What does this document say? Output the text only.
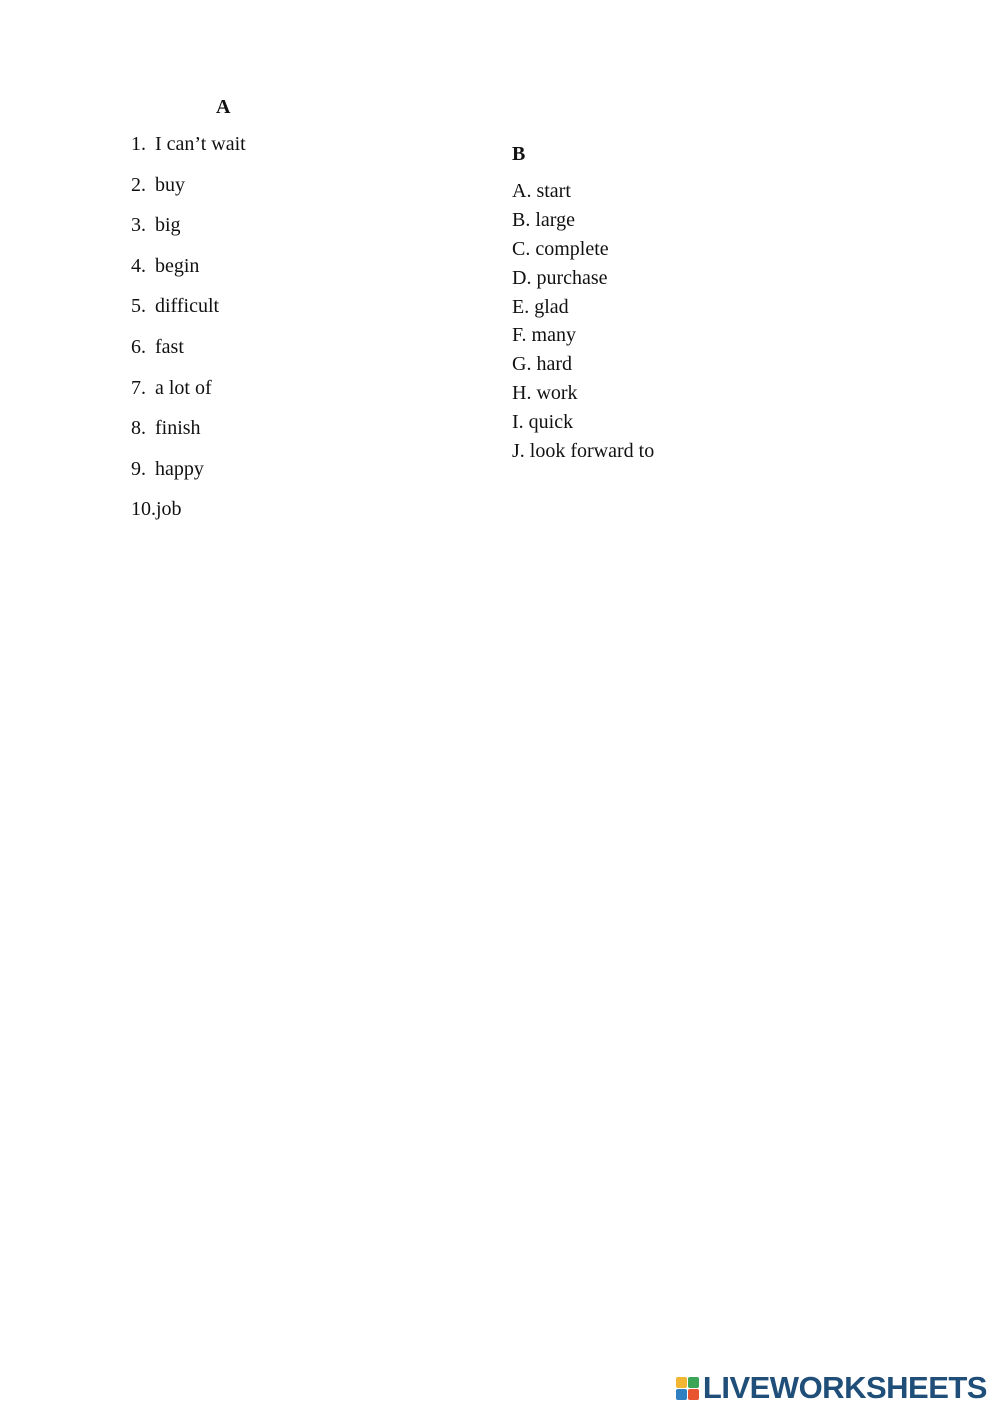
A
1. I can’t wait
2. buy
3. big
4. begin
5. difficult
6. fast
7. a lot of
8. finish
9. happy
10.job
B
A. start
B. large
C. complete
D. purchase
E. glad
F. many
G. hard
H. work
I. quick
J. look forward to
LIVEWORKSHEETS
